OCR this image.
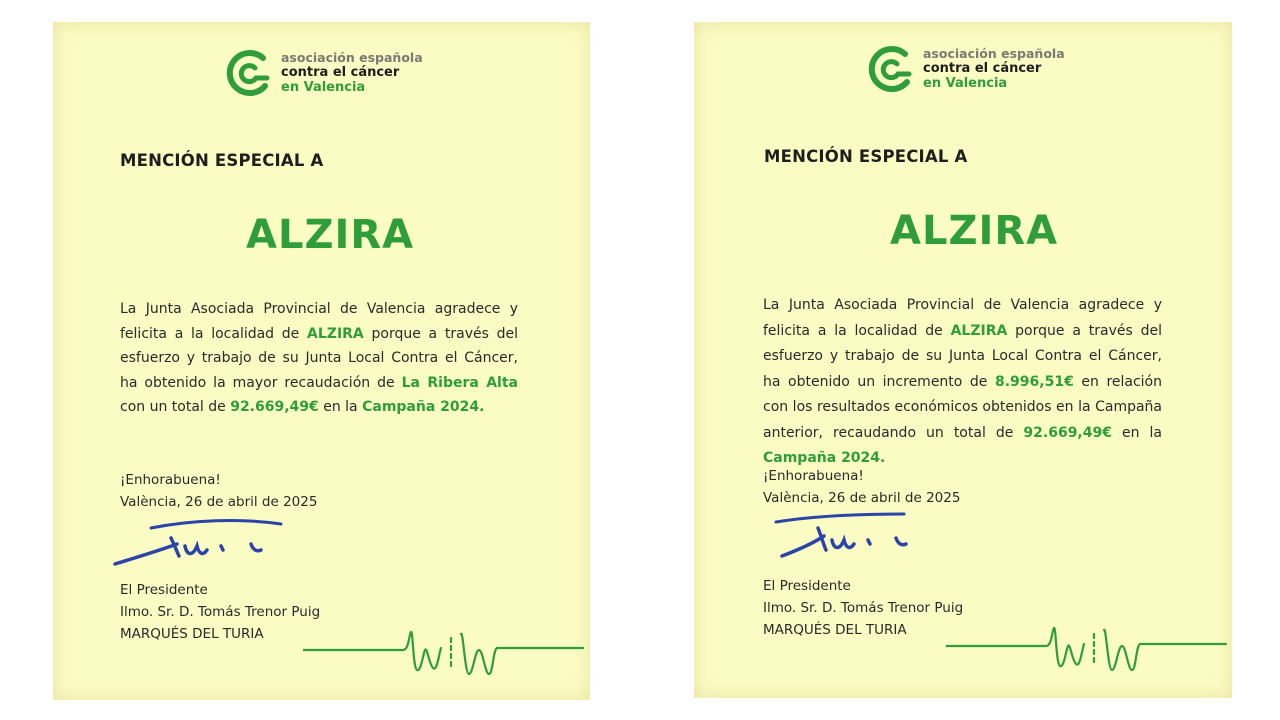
asociación española
contra el cáncer
en Valencia
MENCIÓN ESPECIAL A
ALZIRA
La Junta Asociada Provincial de Valencia agradece y felicita a la localidad de ALZIRA porque a través del esfuerzo y trabajo de su Junta Local Contra el Cáncer, ha obtenido la mayor recaudación de La Ribera Alta con un total de 92.669,49€ en la Campaña 2024.
¡Enhorabuena!
València, 26 de abril de 2025
El Presidente
Ilmo. Sr. D. Tomás Trenor Puig
MARQUÉS DEL TURIA
asociación española
contra el cáncer
en Valencia
MENCIÓN ESPECIAL A
ALZIRA
La Junta Asociada Provincial de Valencia agradece y felicita a la localidad de ALZIRA porque a través del esfuerzo y trabajo de su Junta Local Contra el Cáncer, ha obtenido un incremento de 8.996,51€ en relación con los resultados económicos obtenidos en la Campaña anterior, recaudando un total de 92.669,49€ en la Campaña 2024.
¡Enhorabuena!
València, 26 de abril de 2025
El Presidente
Ilmo. Sr. D. Tomás Trenor Puig
MARQUÉS DEL TURIA
